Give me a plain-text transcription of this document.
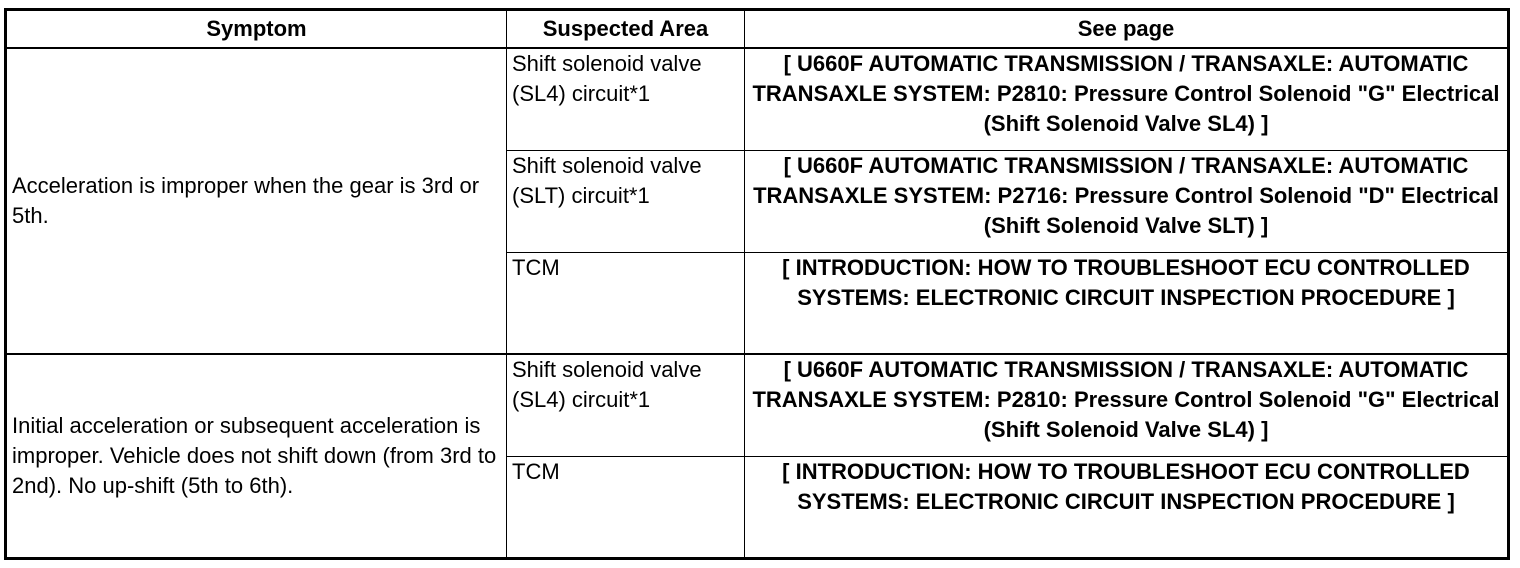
Symptom	Suspected Area	See page
Acceleration is improper when the gear is 3rd or 5th.	Shift solenoid valve (SL4) circuit*1	[ U660F AUTOMATIC TRANSMISSION / TRANSAXLE: AUTOMATIC TRANSAXLE SYSTEM: P2810: Pressure Control Solenoid "G" Electrical (Shift Solenoid Valve SL4) ]
	Shift solenoid valve (SLT) circuit*1	[ U660F AUTOMATIC TRANSMISSION / TRANSAXLE: AUTOMATIC TRANSAXLE SYSTEM: P2716: Pressure Control Solenoid "D" Electrical (Shift Solenoid Valve SLT) ]
	TCM	[ INTRODUCTION: HOW TO TROUBLESHOOT ECU CONTROLLED SYSTEMS: ELECTRONIC CIRCUIT INSPECTION PROCEDURE ]
Initial acceleration or subsequent acceleration is improper. Vehicle does not shift down (from 3rd to 2nd). No up-shift (5th to 6th).	Shift solenoid valve (SL4) circuit*1	[ U660F AUTOMATIC TRANSMISSION / TRANSAXLE: AUTOMATIC TRANSAXLE SYSTEM: P2810: Pressure Control Solenoid "G" Electrical (Shift Solenoid Valve SL4) ]
	TCM	[ INTRODUCTION: HOW TO TROUBLESHOOT ECU CONTROLLED SYSTEMS: ELECTRONIC CIRCUIT INSPECTION PROCEDURE ]
